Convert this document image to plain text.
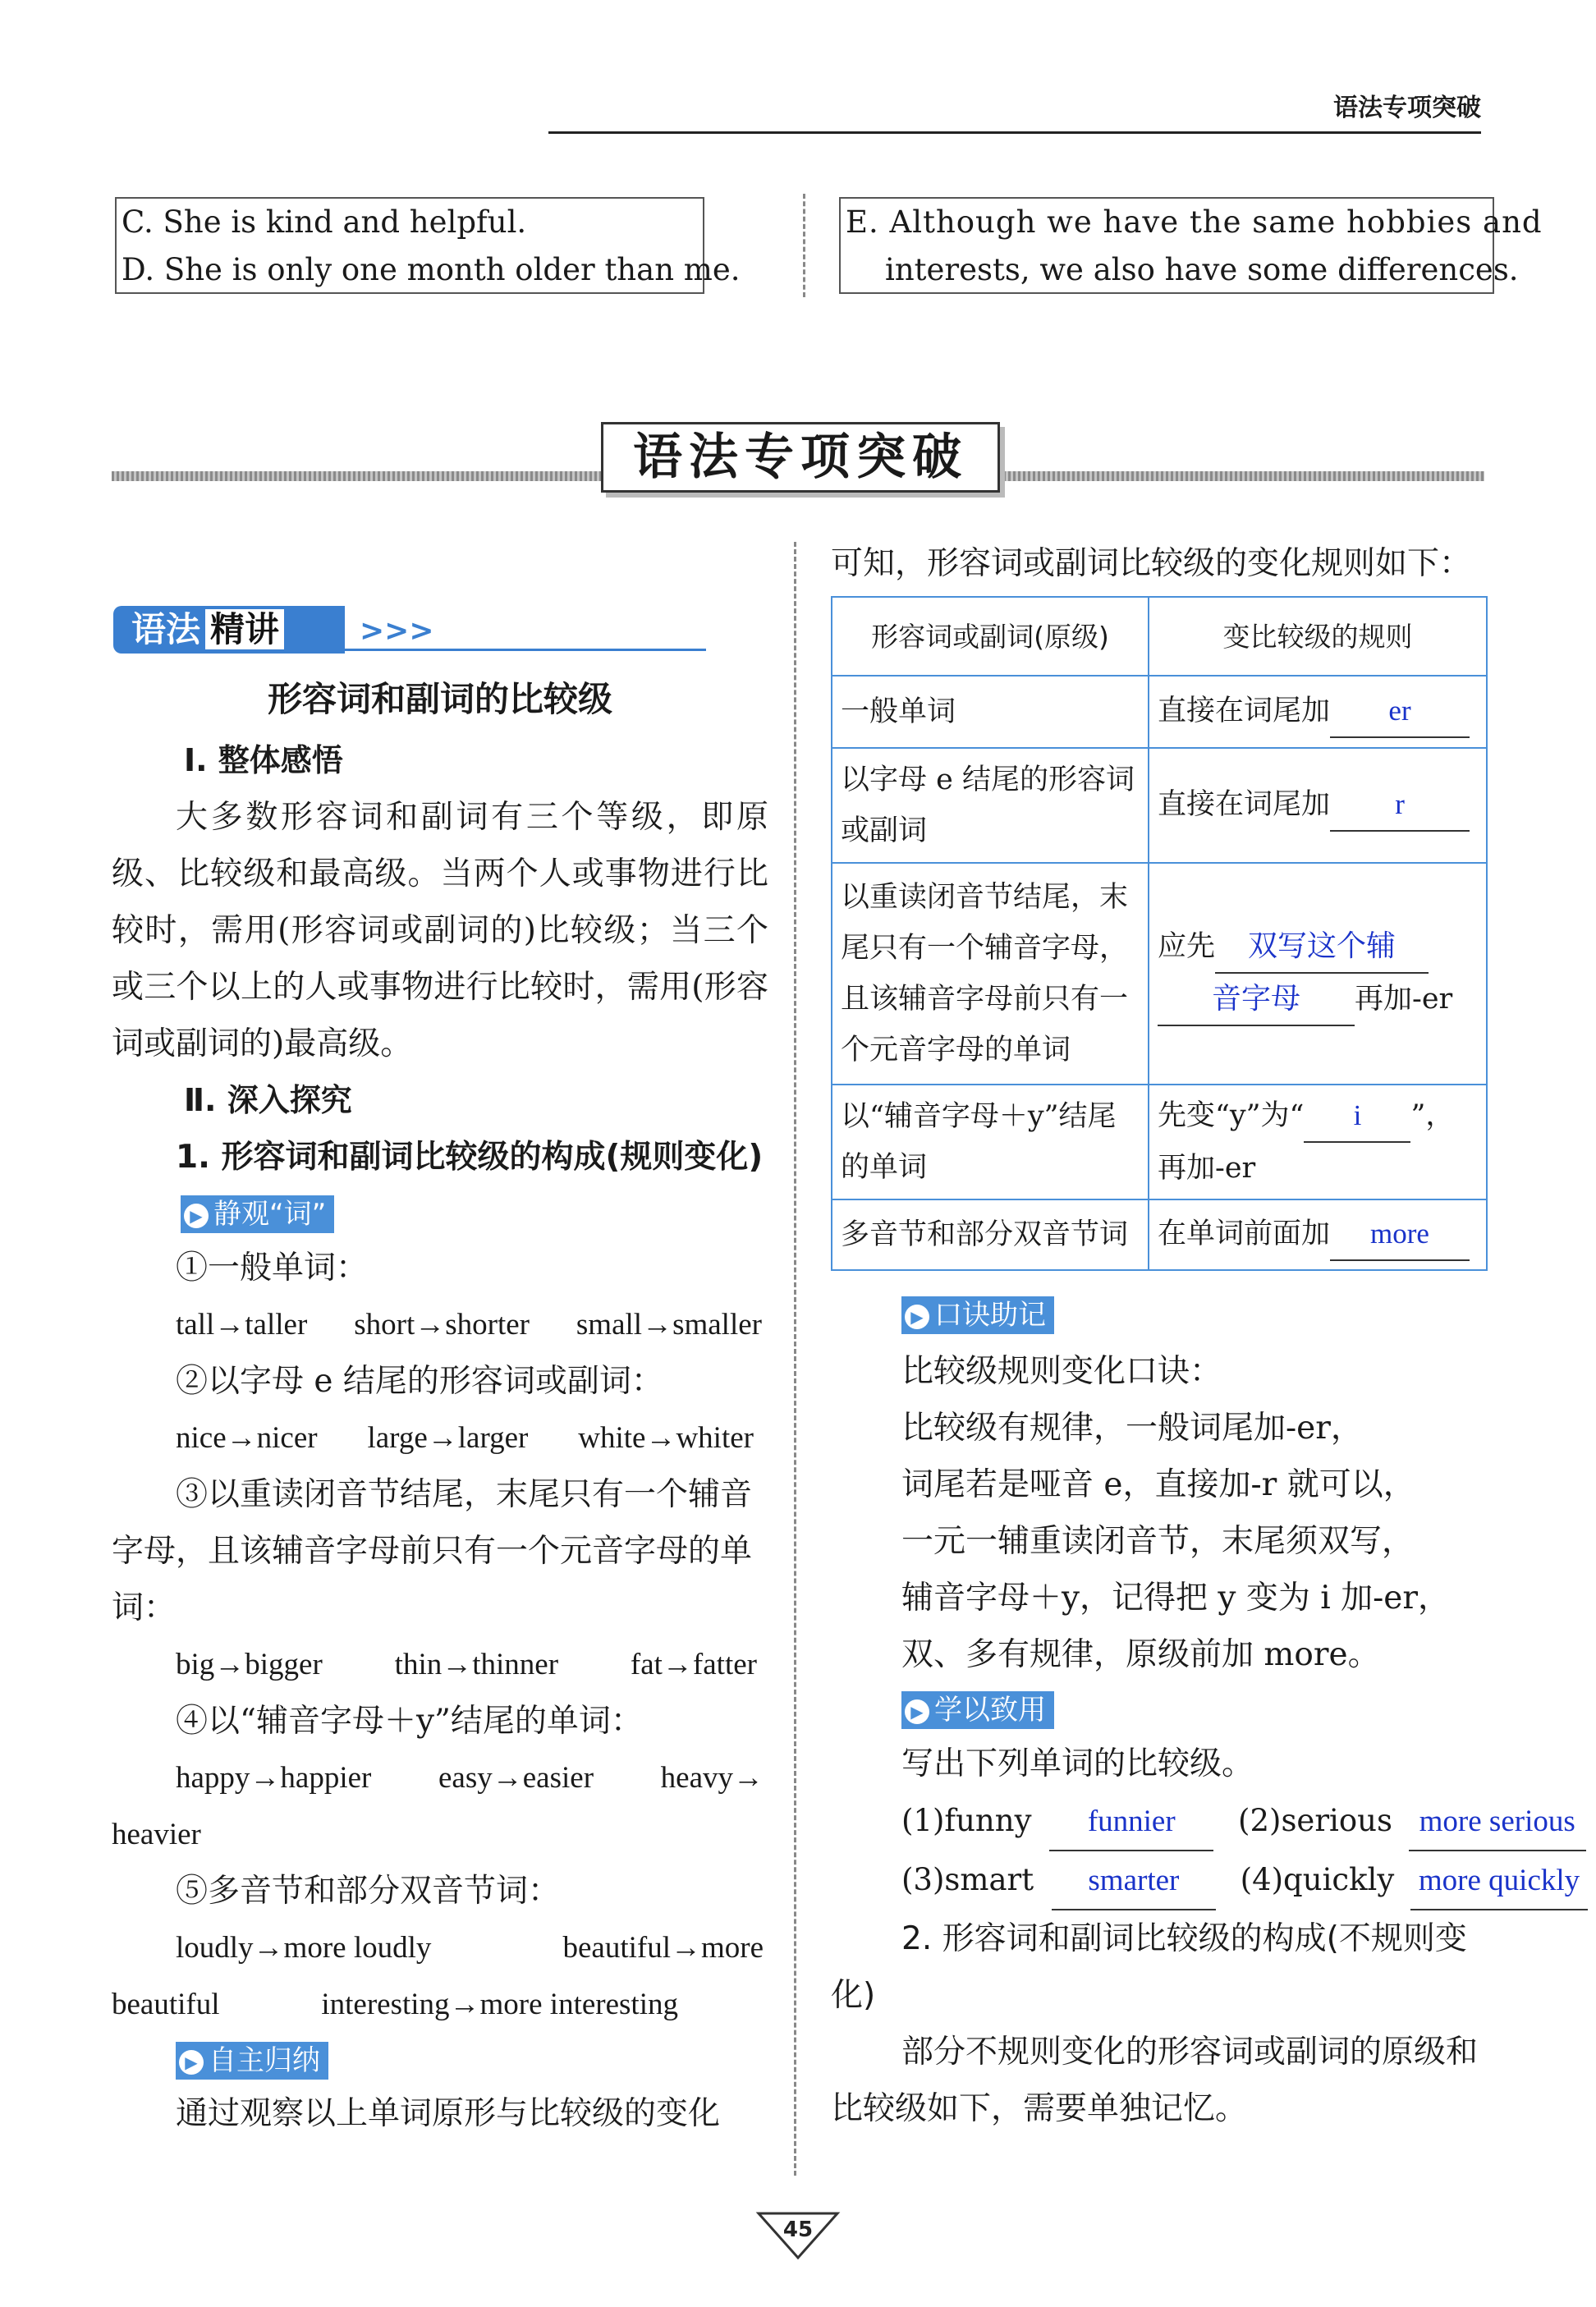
语法专项突破
C. She is kind and helpful.
D. She is only one month older than me.
E. Although we have the same hobbies and
interests, we also have some differences.
语法专项突破
语法 精讲	>>>
形容词和副词的比较级
Ⅰ. 整体感悟

大多数形容词和副词有三个等级，即原级、比较级和最高级。当两个人或事物进行比较时，需用(形容词或副词的)比较级；当三个或三个以上的人或事物进行比较时，需用(形容词或副词的)最高级。

Ⅱ. 深入探究

1. 形容词和副词比较级的构成(规则变化)

▶ 静观“词”
①一般单词：
tall→taller short→shorter small→smaller
②以字母 e 结尾的形容词或副词：
nice→nicer large→larger white→whiter

③以重读闭音节结尾，末尾只有一个辅音字母，且该辅音字母前只有一个元音字母的单词：

big→bigger thin→thinner fat→fatter
④以“辅音字母＋y”结尾的单词：
happy→happier easy→easier heavy→
heavier
⑤多音节和部分双音节词：
loudly→more loudly	beautiful→more
beautiful	interesting→more interesting
▶ 自主归纳

通过观察以上单词原形与比较级的变化

可知，形容词或副词比较级的变化规则如下：
形容词或副词(原级)	变比较级的规则
一般单词	直接在词尾加 er
以字母 e 结尾的形容词或副词	直接在词尾加 r
以重读闭音节结尾，末尾只有一个辅音字母，且该辅音字母前只有一个元音字母的单词	应先 双写这个辅
音字母 再加-er
以“辅音字母＋y”结尾的单词	先变“y”为“ i ”，
再加-er
多音节和部分双音节词	在单词前面加 more
▶ 口诀助记
比较级规则变化口诀：
比较级有规律，一般词尾加-er，
词尾若是哑音 e，直接加-r 就可以，
一元一辅重读闭音节，末尾须双写，
辅音字母＋y，记得把 y 变为 i 加-er，
双、多有规律，原级前加 more。
▶ 学以致用
写出下列单词的比较级。
(1)funny funnier (2)serious more serious
(3)smart smarter (4)quickly more quickly

2. 形容词和副词比较级的构成(不规则变化)

部分不规则变化的形容词或副词的原级和比较级如下，需要单独记忆。

45
